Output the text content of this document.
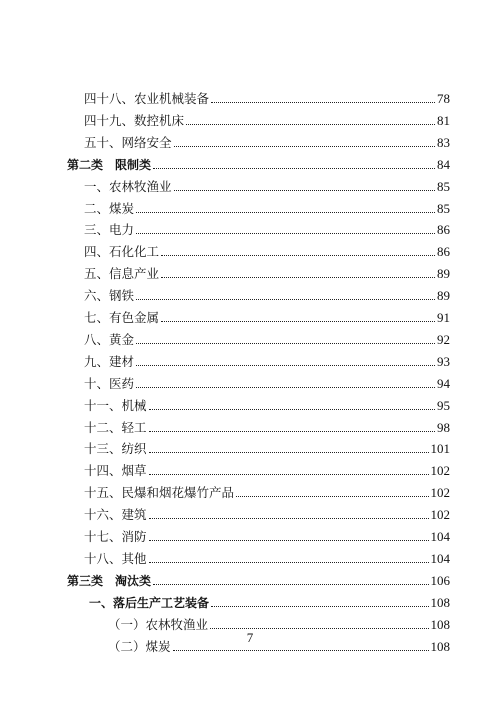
四十八、农业机械装备	78
四十九、数控机床	81
五十、网络安全	83
第二类　限制类	84
一、农林牧渔业	85
二、煤炭	85
三、电力	86
四、石化化工	86
五、信息产业	89
六、钢铁	89
七、有色金属	91
八、黄金	92
九、建材	93
十、医药	94
十一、机械	95
十二、轻工	98
十三、纺织	101
十四、烟草	102
十五、民爆和烟花爆竹产品	102
十六、建筑	102
十七、消防	104
十八、其他	104
第三类　淘汰类	106
一、落后生产工艺装备	108
（一）农林牧渔业	108
（二）煤炭	108
7
